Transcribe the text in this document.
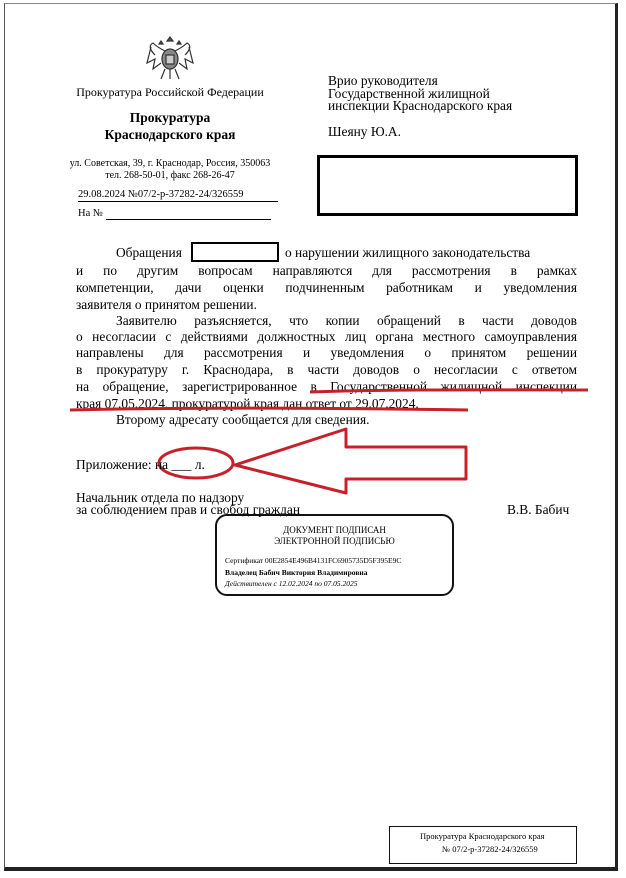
Прокуратура Российской Федерации
Прокуратура
Краснодарского края
ул. Советская, 39, г. Краснодар, Россия, 350063
тел. 268-50-01, факс 268-26-47
29.08.2024 №07/2-р-37282-24/326559
На №
Врио руководителя
Государственной жилищной
инспекции Краснодарского края
Шеяну Ю.А.
Обращения	о нарушении жилищного законодательства
и по другим вопросам направляются для рассмотрения в рамках
компетенции, дачи оценки подчиненным работникам и уведомления
заявителя о принятом решении.
Заявителю разъясняется, что копии обращений в части доводов
о несогласии с действиями должностных лиц органа местного самоуправления
направлены для рассмотрения и уведомления о принятом решении
в прокуратуру г. Краснодара, в части доводов о несогласии с ответом
на обращение, зарегистрированное в Государственной жилищной инспекции
края 07.05.2024, прокуратурой края дан ответ от 29.07.2024.
Второму адресату сообщается для сведения.
Приложение: на ___ л.
Начальник отдела по надзору
за соблюдением прав и свобод граждан	В.В. Бабич
ДОКУМЕНТ ПОДПИСАН
ЭЛЕКТРОННОЙ ПОДПИСЬЮ
Сертификат 00E2854E496B4131FC6905735D5F395E9C
Владелец Бабич Виктория Владимировна
Действителен с 12.02.2024 по 07.05.2025
Прокуратура Краснодарского края
№ 07/2-р-37282-24/326559
